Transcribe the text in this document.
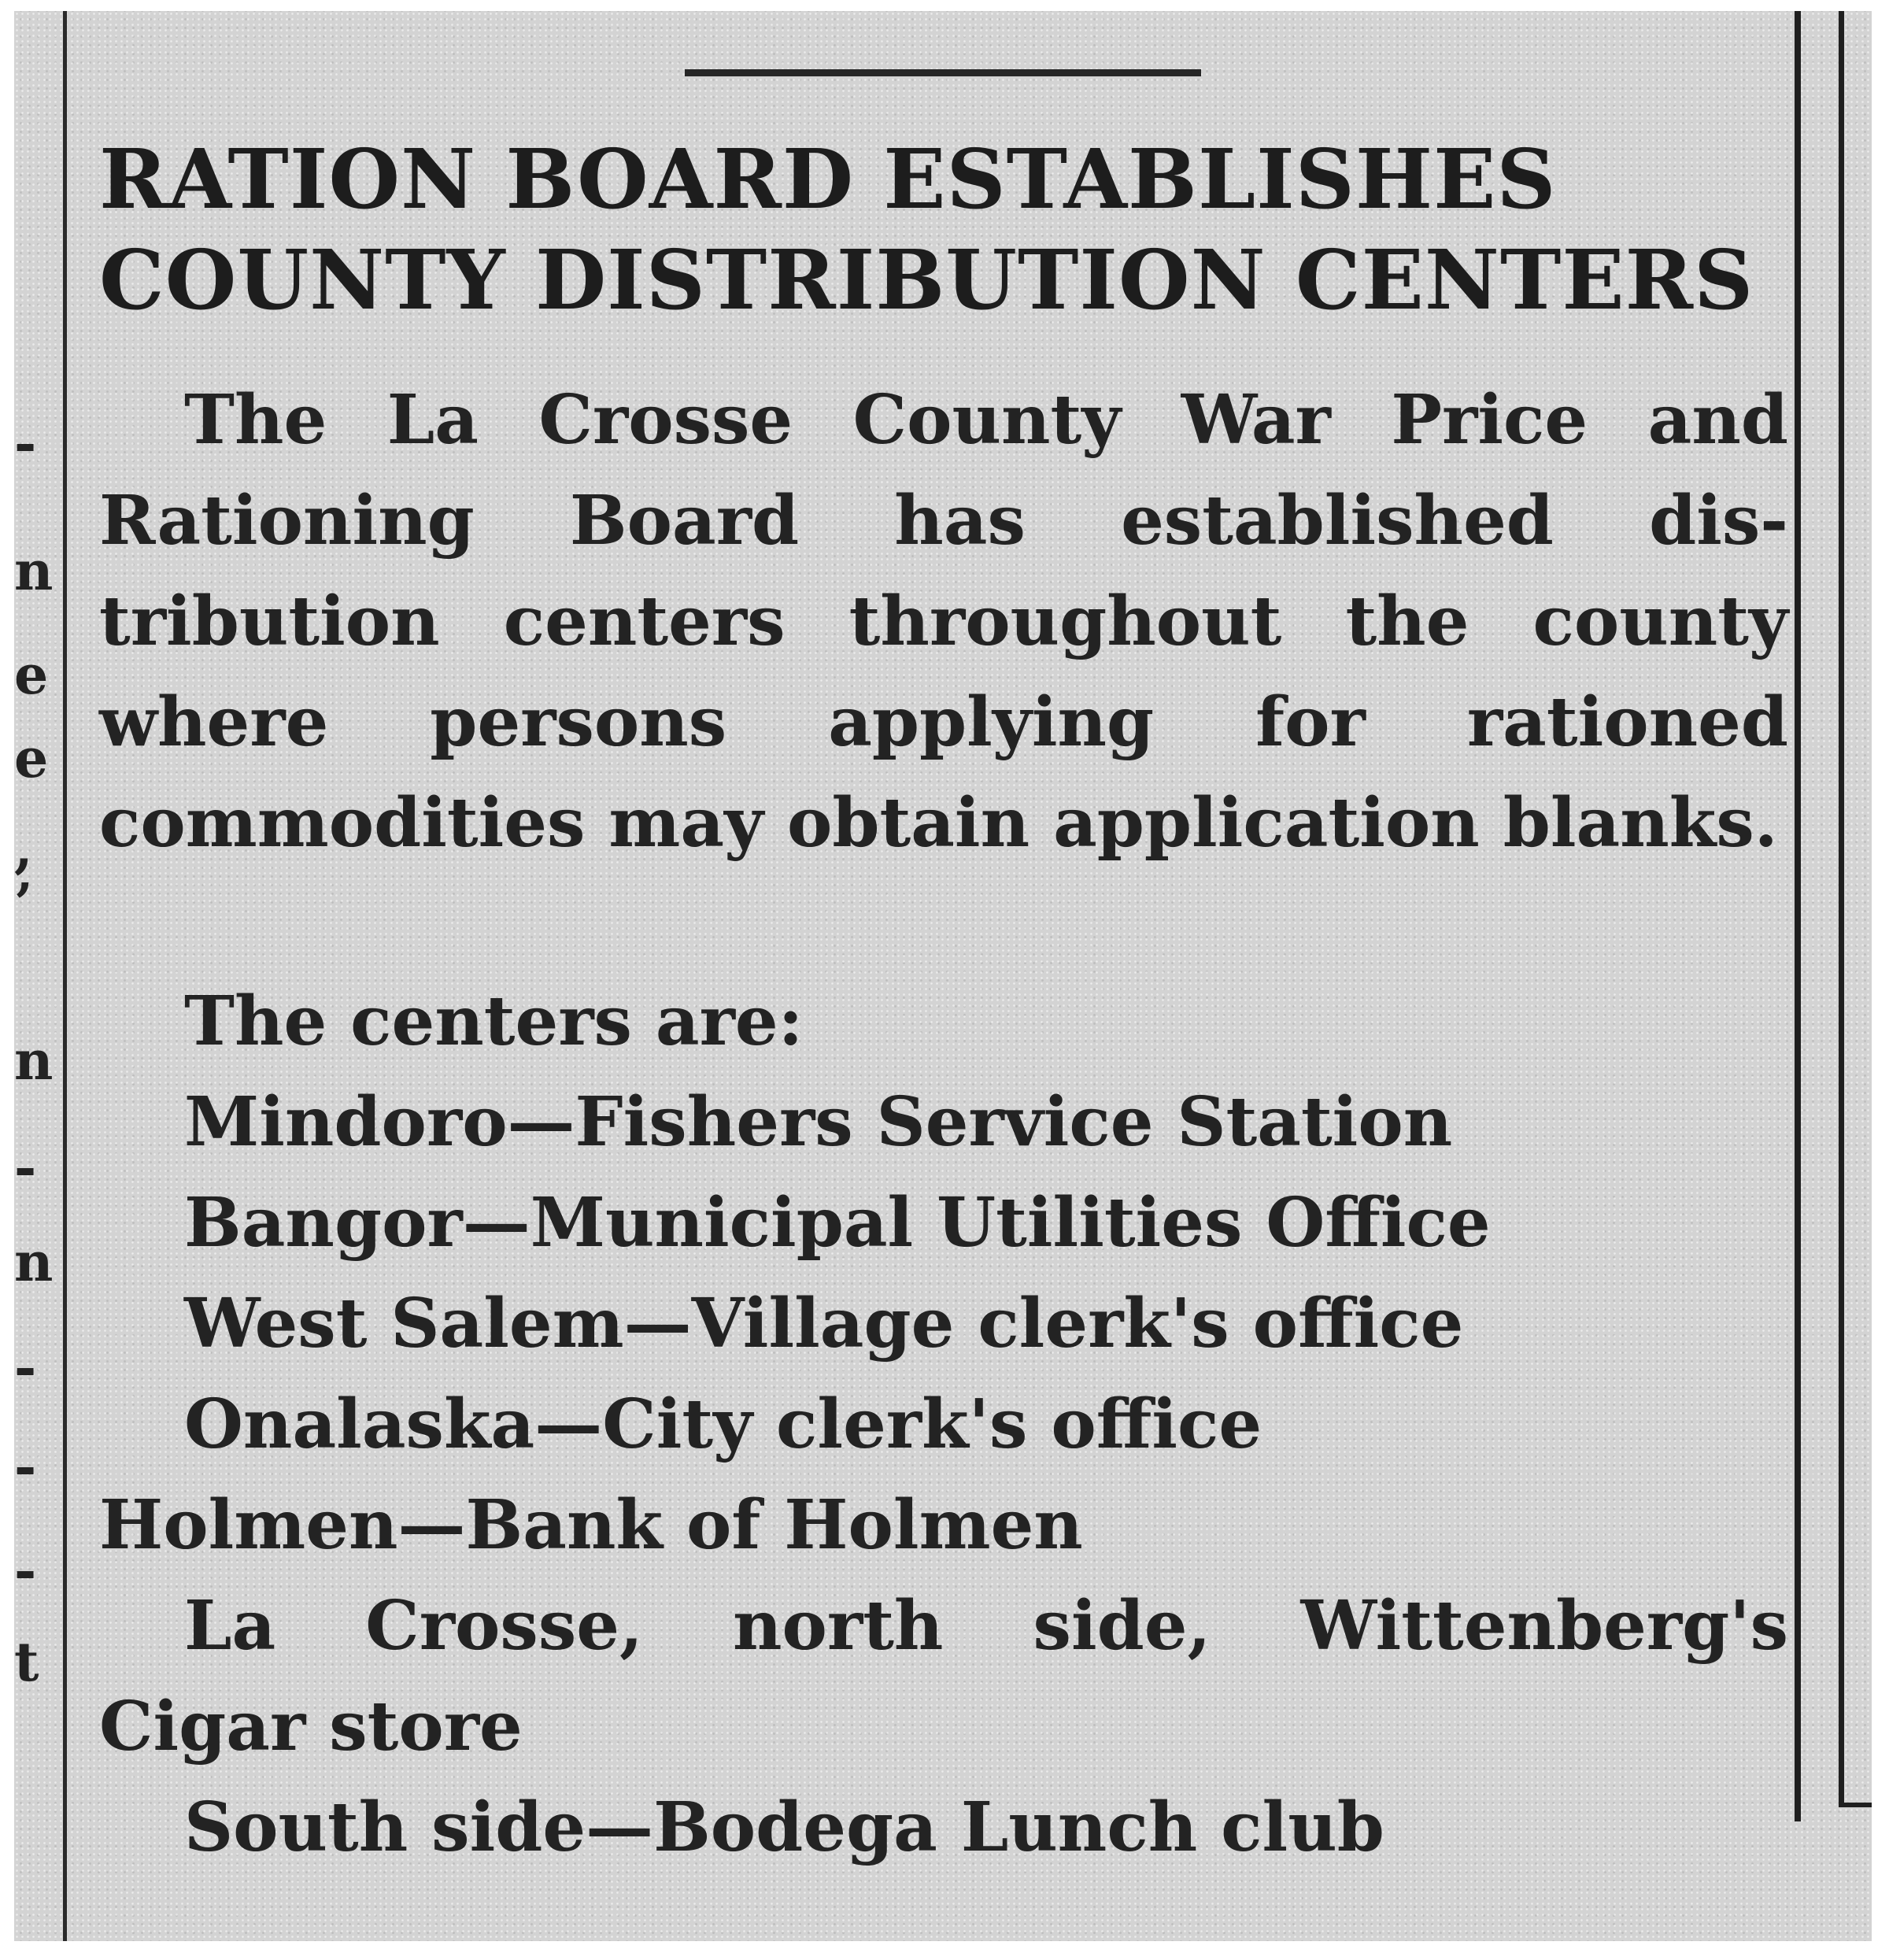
-
n
e
e
,
’
n
-
n
-
-
-
t
RATION BOARD ESTABLISHES
COUNTY DISTRIBUTION CENTERS
The La Crosse County War Price and Rationing Board has established distribution centers throughout the county where persons applying for rationed commodities may obtain application blanks.
The centers are:
Mindoro—Fishers Service Station
Bangor—Municipal Utilities Office
West Salem—Village clerk's office
Onalaska—City clerk's office
Holmen—Bank of Holmen
La Crosse, north side, Wittenberg's
Cigar store
South side—Bodega Lunch club
